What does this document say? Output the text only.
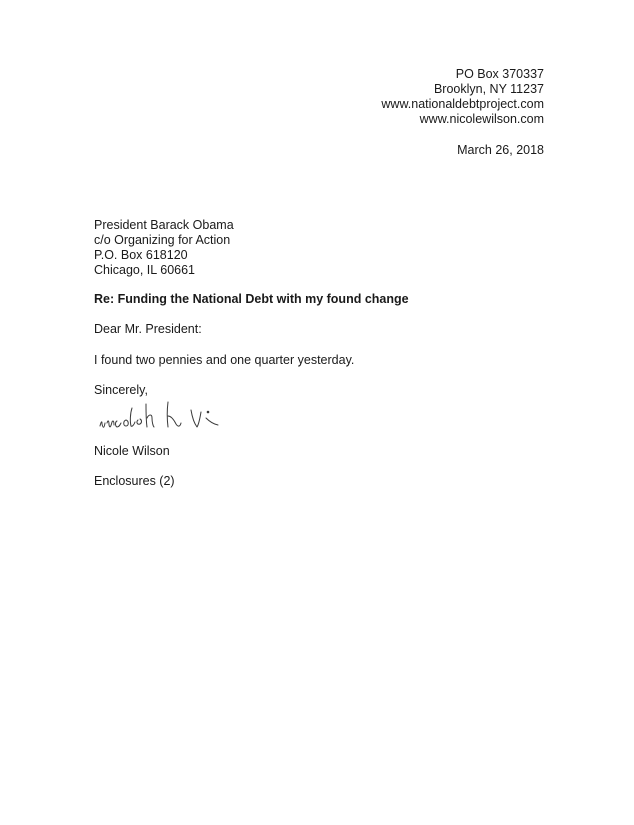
PO Box 370337

Brooklyn, NY 11237

www.nationaldebtproject.com

www.nicolewilson.com

March 26, 2018

President Barack Obama

c/o Organizing for Action

P.O. Box 618120

Chicago, IL 60661

Re: Funding the National Debt with my found change

Dear Mr. President:

I found two pennies and one quarter yesterday.

Sincerely,

Nicole Wilson

Enclosures (2)
